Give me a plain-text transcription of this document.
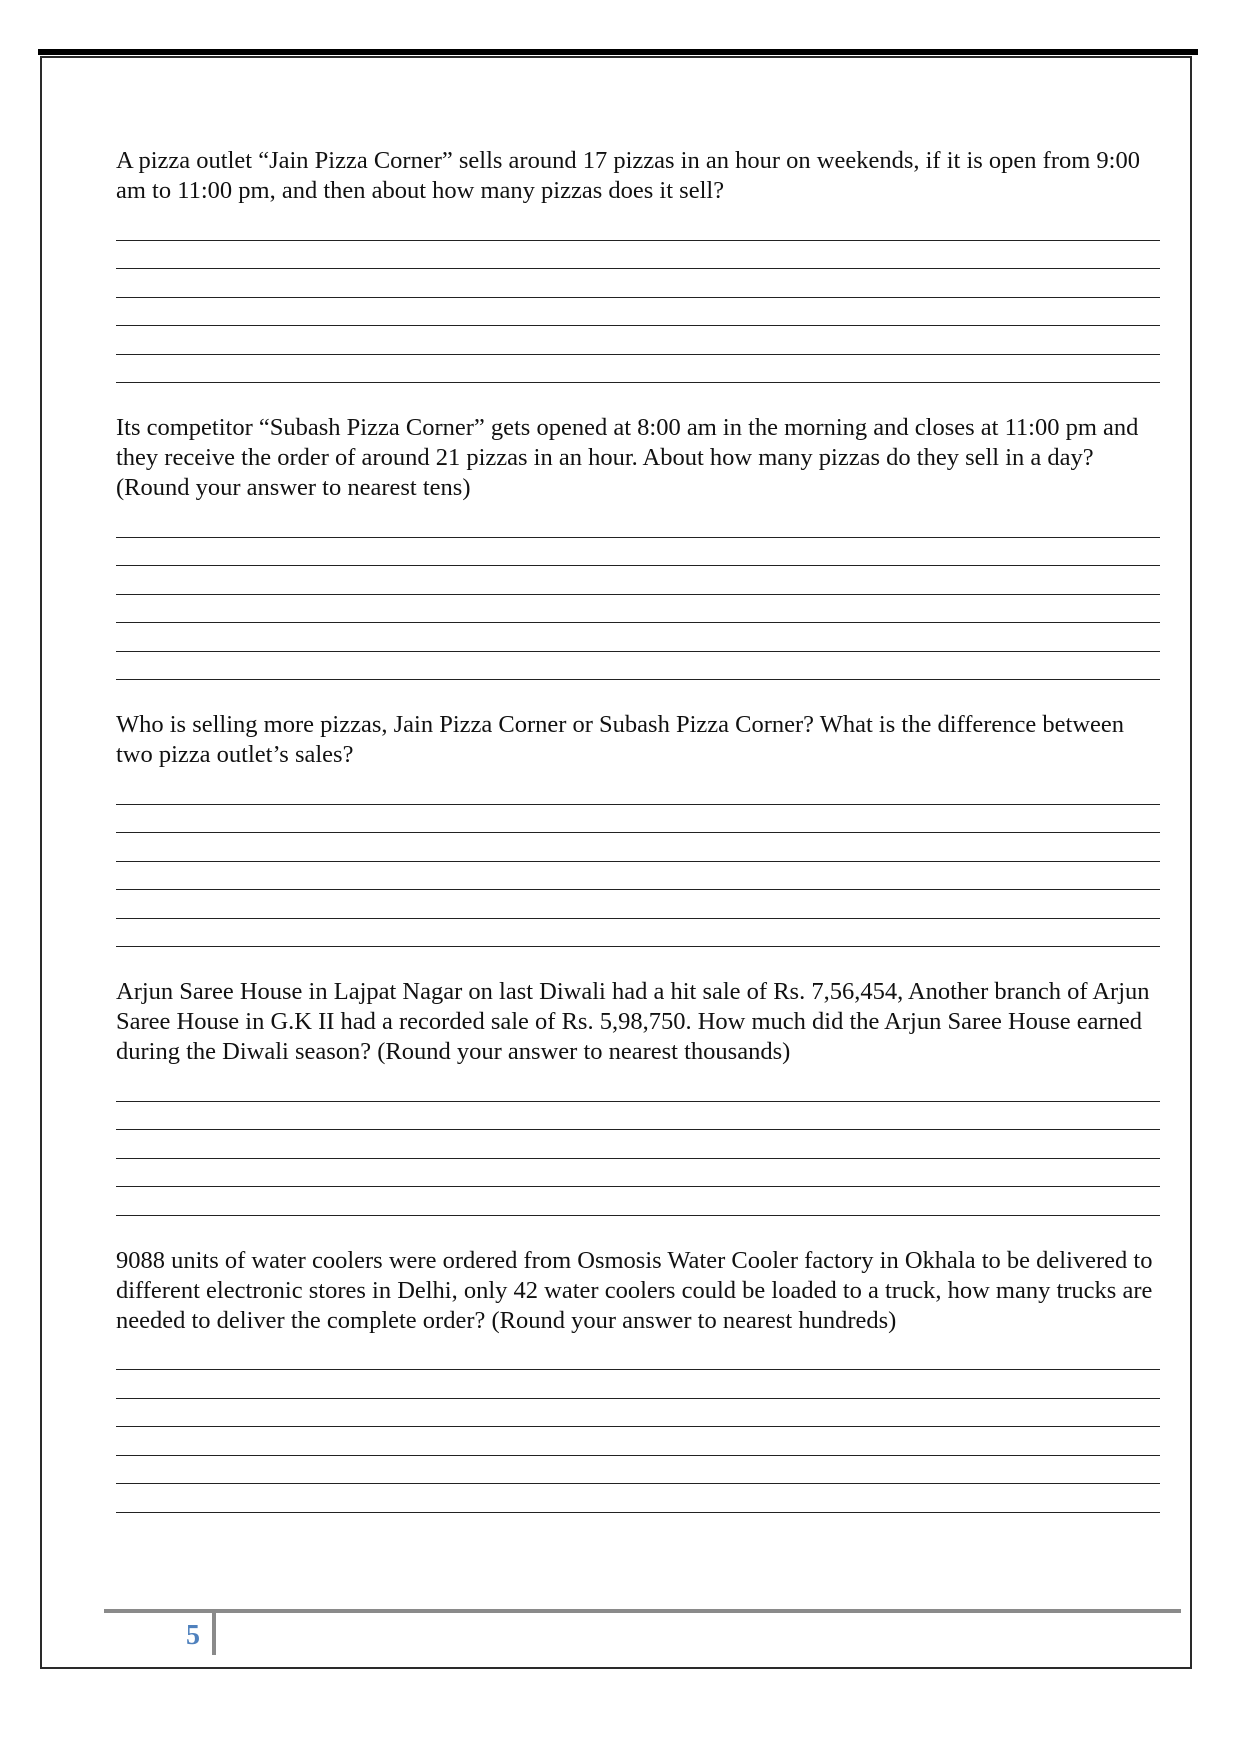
A pizza outlet “Jain Pizza Corner” sells around 17 pizzas in an hour on weekends, if it is open from 9:00 am to 11:00 pm, and then about how many pizzas does it sell?

Its competitor “Subash Pizza Corner” gets opened at 8:00 am in the morning and closes at 11:00 pm and they receive the order of around 21 pizzas in an hour. About how many pizzas do they sell in a day? (Round your answer to nearest tens)

Who is selling more pizzas, Jain Pizza Corner or Subash Pizza Corner? What is the difference between two pizza outlet’s sales?

Arjun Saree House in Lajpat Nagar on last Diwali had a hit sale of Rs. 7,56,454, Another branch of Arjun Saree House in G.K II had a recorded sale of Rs. 5,98,750. How much did the Arjun Saree House earned during the Diwali season? (Round your answer to nearest thousands)

9088 units of water coolers were ordered from Osmosis Water Cooler factory in Okhala to be delivered to different electronic stores in Delhi, only 42 water coolers could be loaded to a truck, how many trucks are needed to deliver the complete order? (Round your answer to nearest hundreds)

5
